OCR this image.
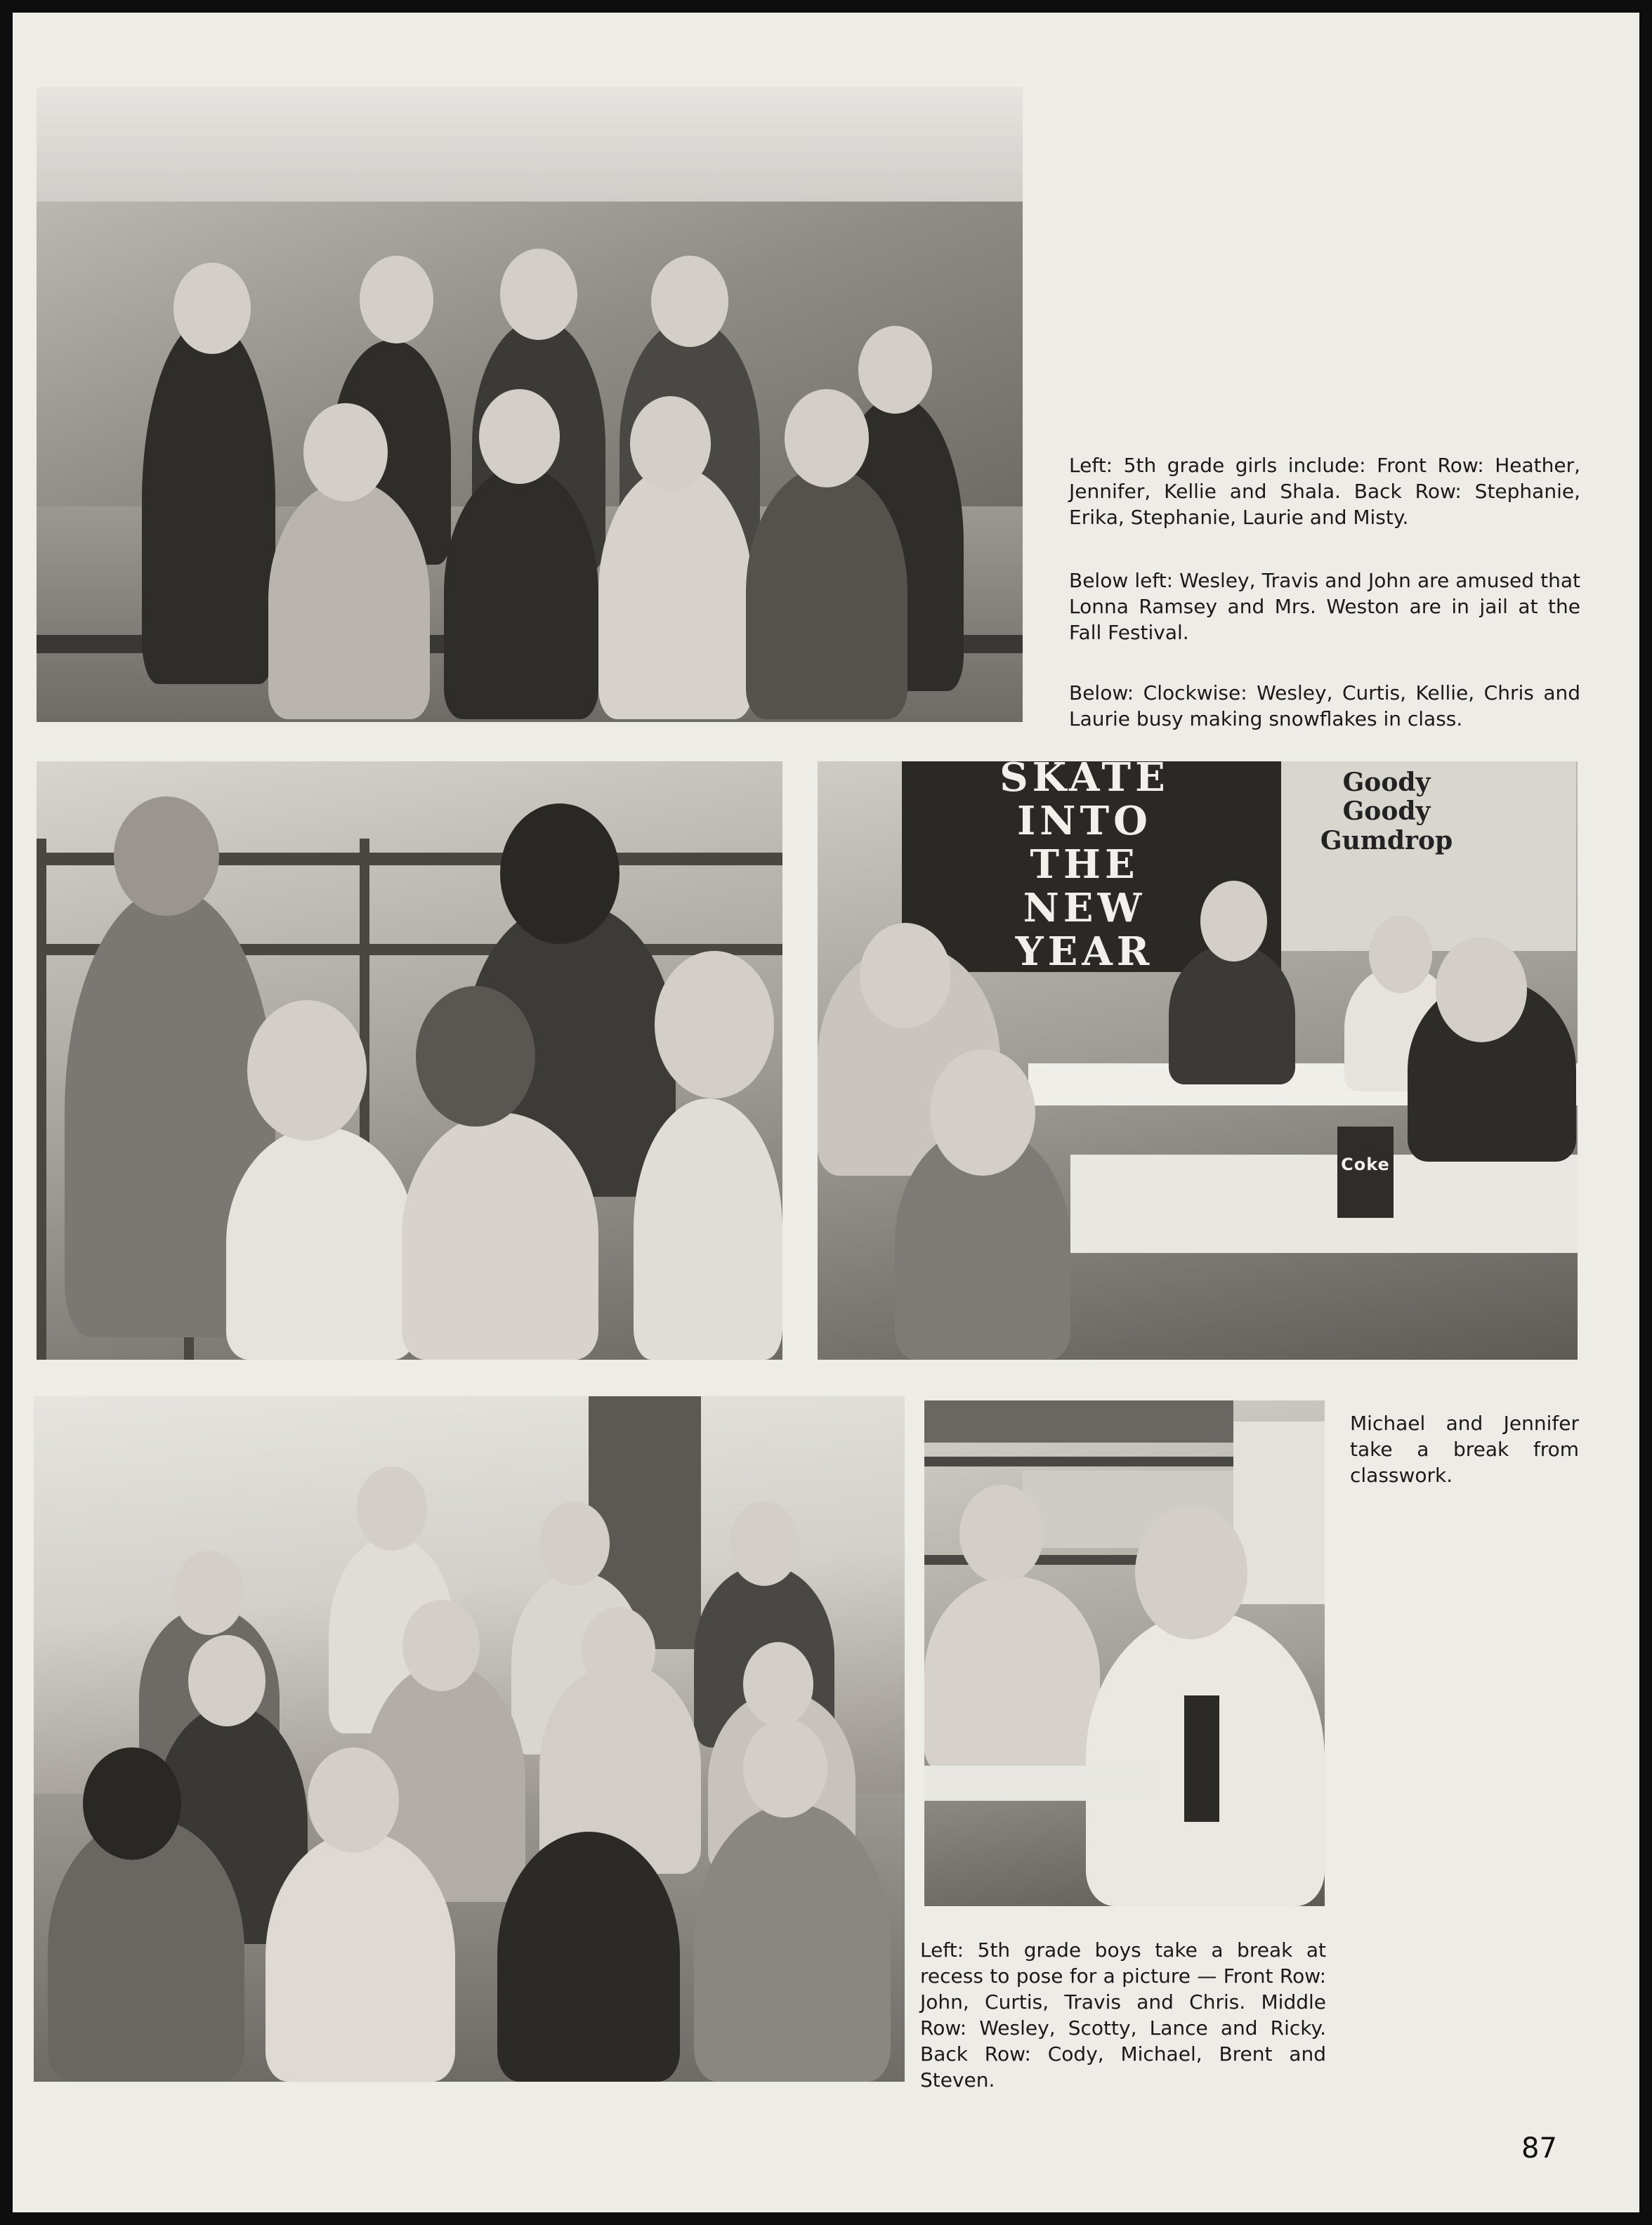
Left: 5th grade girls include: Front Row: Heather, Jennifer, Kellie and Shala. Back Row: Stephanie, Erika, Stephanie, Laurie and Misty.

Below left: Wesley, Travis and John are amused that Lonna Ramsey and Mrs. Weston are in jail at the Fall Festival.

Below: Clockwise: Wesley, Curtis, Kellie, Chris and Laurie busy making snowflakes in class.

SKATE
INTO
THE
NEW
YEAR
Goody
Goody
Gumdrop
Coke

Michael and Jennifer take a break from classwork.

Left: 5th grade boys take a break at recess to pose for a picture — Front Row: John, Curtis, Travis and Chris. Middle Row: Wesley, Scotty, Lance and Ricky. Back Row: Cody, Michael, Brent and Steven.

87
